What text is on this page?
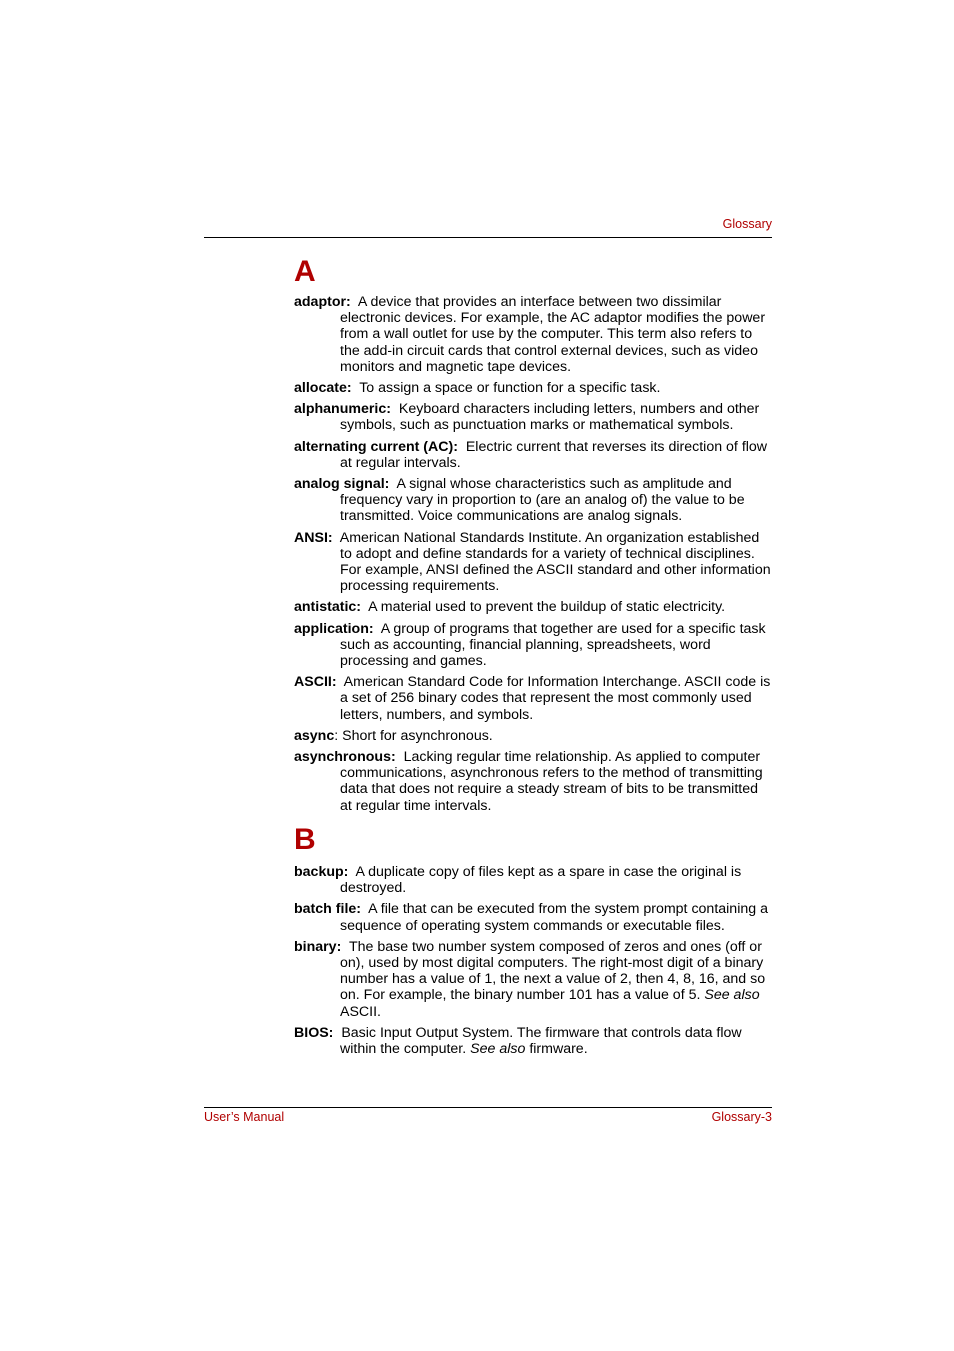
Glossary
A

adaptor: A device that provides an interface between two dissimilar electronic devices. For example, the AC adaptor modifies the power from a wall outlet for use by the computer. This term also refers to the add-in circuit cards that control external devices, such as video monitors and magnetic tape devices.

allocate: To assign a space or function for a specific task.

alphanumeric: Keyboard characters including letters, numbers and other symbols, such as punctuation marks or mathematical symbols.

alternating current (AC): Electric current that reverses its direction of flow at regular intervals.

analog signal: A signal whose characteristics such as amplitude and frequency vary in proportion to (are an analog of) the value to be transmitted. Voice communications are analog signals.

ANSI: American National Standards Institute. An organization established to adopt and define standards for a variety of technical disciplines. For example, ANSI defined the ASCII standard and other information processing requirements.

antistatic: A material used to prevent the buildup of static electricity.

application: A group of programs that together are used for a specific task such as accounting, financial planning, spreadsheets, word processing and games.

ASCII: American Standard Code for Information Interchange. ASCII code is a set of 256 binary codes that represent the most commonly used letters, numbers, and symbols.

async: Short for asynchronous.

asynchronous: Lacking regular time relationship. As applied to computer communications, asynchronous refers to the method of transmitting data that does not require a steady stream of bits to be transmitted at regular time intervals.

B

backup: A duplicate copy of files kept as a spare in case the original is destroyed.

batch file: A file that can be executed from the system prompt containing a sequence of operating system commands or executable files.

binary: The base two number system composed of zeros and ones (off or on), used by most digital computers. The right-most digit of a binary number has a value of 1, the next a value of 2, then 4, 8, 16, and so on. For example, the binary number 101 has a value of 5. See also ASCII.

BIOS: Basic Input Output System. The firmware that controls data flow within the computer. See also firmware.

User’s Manual	Glossary-3
